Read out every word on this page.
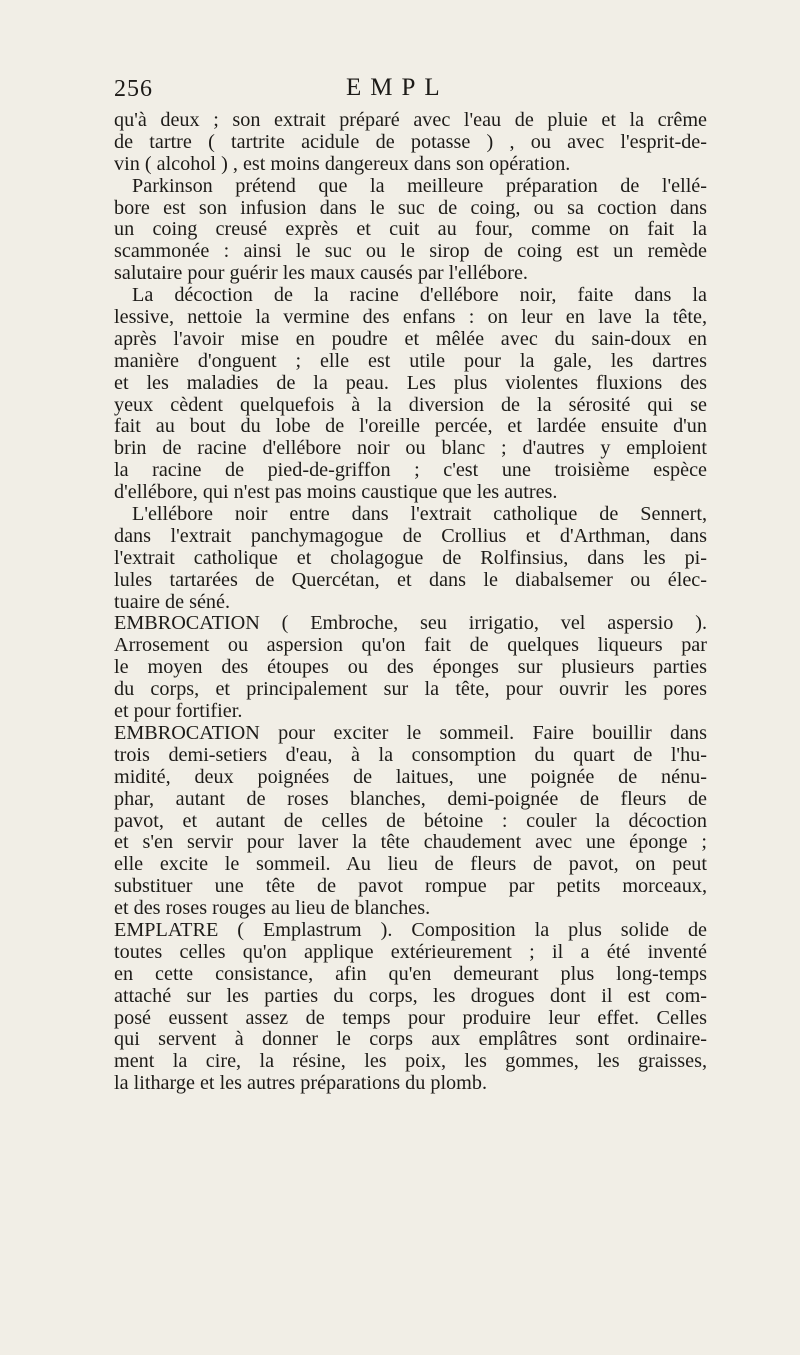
256	EMPL
qu'à deux ; son extrait préparé avec l'eau de pluie et la crême
de tartre ( tartrite acidule de potasse ) , ou avec l'esprit-de-
vin ( alcohol ) , est moins dangereux dans son opération.
Parkinson prétend que la meilleure préparation de l'ellé-
bore est son infusion dans le suc de coing, ou sa coction dans
un coing creusé exprès et cuit au four, comme on fait la
scammonée : ainsi le suc ou le sirop de coing est un remède
salutaire pour guérir les maux causés par l'ellébore.
La décoction de la racine d'ellébore noir, faite dans la
lessive, nettoie la vermine des enfans : on leur en lave la tête,
après l'avoir mise en poudre et mêlée avec du sain-doux en
manière d'onguent ; elle est utile pour la gale, les dartres
et les maladies de la peau. Les plus violentes fluxions des
yeux cèdent quelquefois à la diversion de la sérosité qui se
fait au bout du lobe de l'oreille percée, et lardée ensuite d'un
brin de racine d'ellébore noir ou blanc ; d'autres y emploient
la racine de pied-de-griffon ; c'est une troisième espèce
d'ellébore, qui n'est pas moins caustique que les autres.
L'ellébore noir entre dans l'extrait catholique de Sennert,
dans l'extrait panchymagogue de Crollius et d'Arthman, dans
l'extrait catholique et cholagogue de Rolfinsius, dans les pi-
lules tartarées de Quercétan, et dans le diabalsemer ou élec-
tuaire de séné.
EMBROCATION ( Embroche, seu irrigatio, vel aspersio ).
Arrosement ou aspersion qu'on fait de quelques liqueurs par
le moyen des étoupes ou des éponges sur plusieurs parties
du corps, et principalement sur la tête, pour ouvrir les pores
et pour fortifier.
EMBROCATION pour exciter le sommeil. Faire bouillir dans
trois demi-setiers d'eau, à la consomption du quart de l'hu-
midité, deux poignées de laitues, une poignée de nénu-
phar, autant de roses blanches, demi-poignée de fleurs de
pavot, et autant de celles de bétoine : couler la décoction
et s'en servir pour laver la tête chaudement avec une éponge ;
elle excite le sommeil. Au lieu de fleurs de pavot, on peut
substituer une tête de pavot rompue par petits morceaux,
et des roses rouges au lieu de blanches.
EMPLATRE ( Emplastrum ). Composition la plus solide de
toutes celles qu'on applique extérieurement ; il a été inventé
en cette consistance, afin qu'en demeurant plus long-temps
attaché sur les parties du corps, les drogues dont il est com-
posé eussent assez de temps pour produire leur effet. Celles
qui servent à donner le corps aux emplâtres sont ordinaire-
ment la cire, la résine, les poix, les gommes, les graisses,
la litharge et les autres préparations du plomb.
